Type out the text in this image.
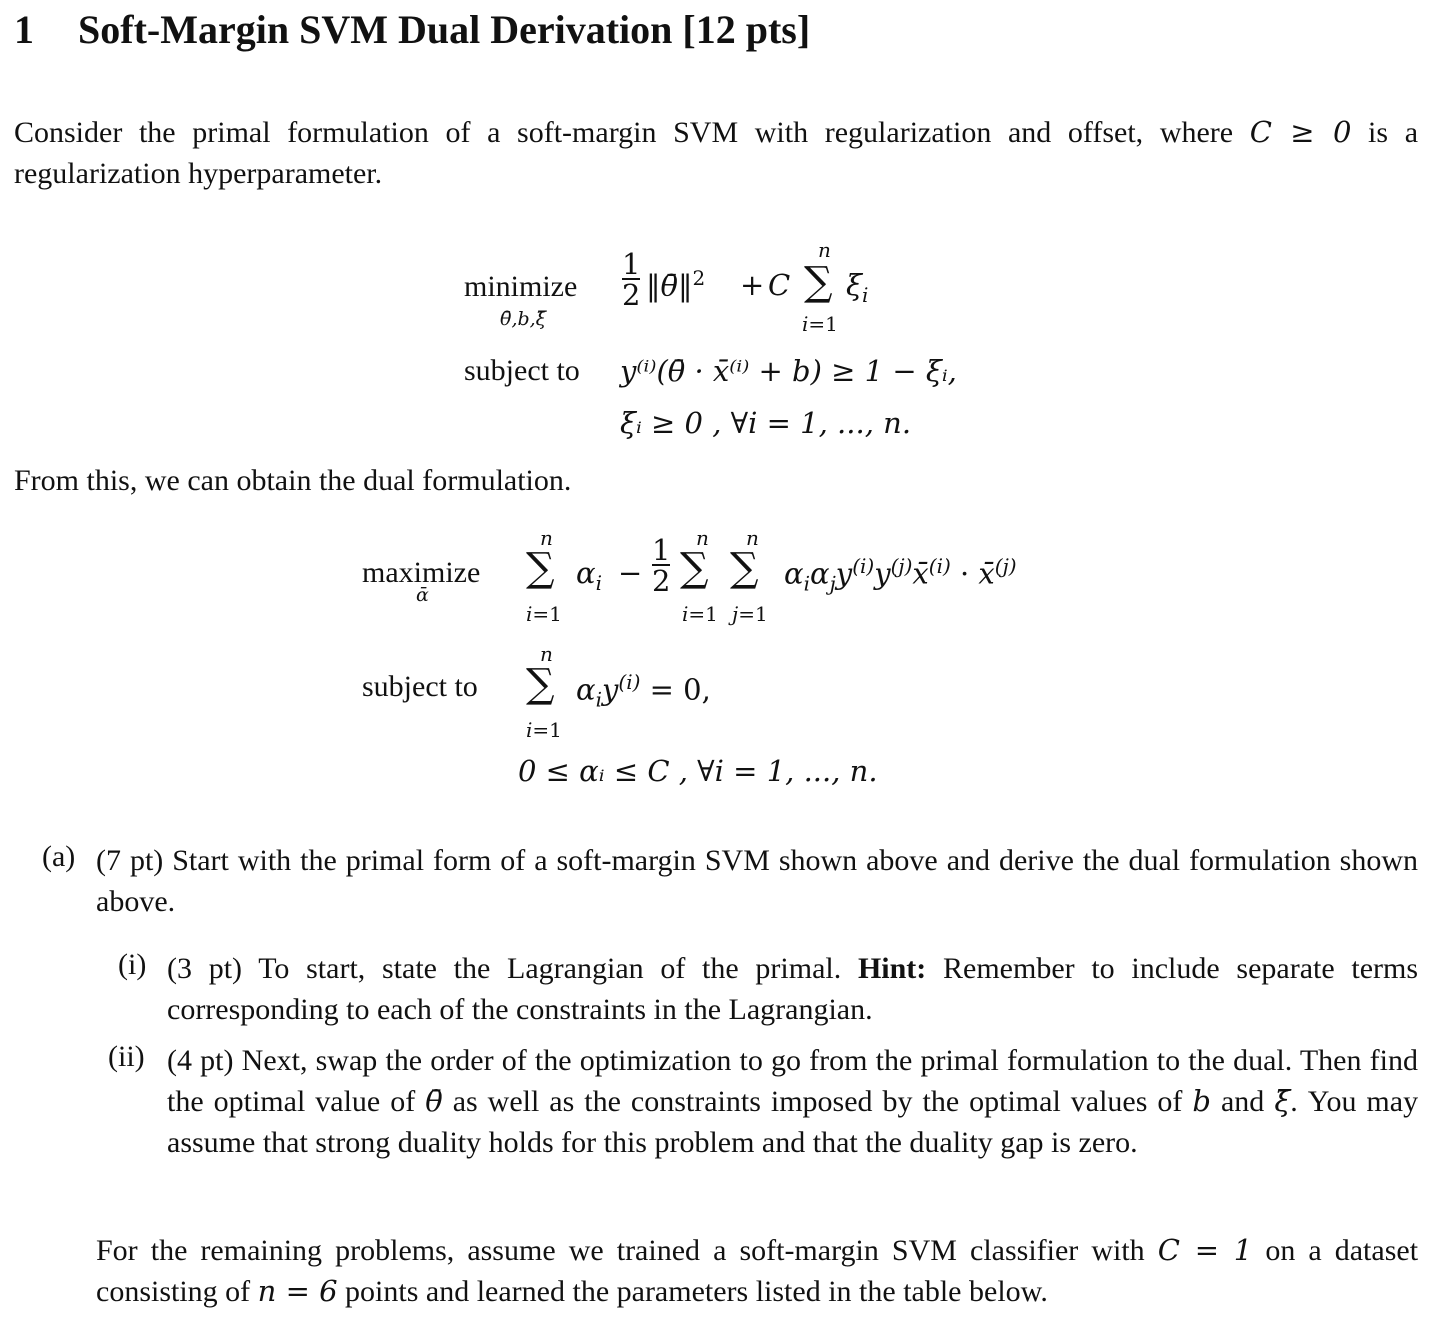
1 Soft-Margin SVM Dual Derivation [12 pts]
Consider the primal formulation of a soft-margin SVM with regularization and offset, where C ≥ 0 is a regularization hyperparameter.
minimize
θ̄,b,ξ̄
1
2 ‖θ̄‖$^2$ + C
n
∑
i=1
$\xi_i$
subject to y⁽ⁱ⁾(θ̄ · x̄⁽ⁱ⁾ + b) ≥ 1 − ξᵢ,
ξᵢ ≥ 0 , ∀i = 1, ..., n.
From this, we can obtain the dual formulation.
maximize
ᾱ
n
∑
i=1
$\alpha_i$ −
1
2
n
∑
i=1
n
∑
j=1
$\alpha_i\alpha_jy^{(i)}y^{(j)}x̄^{(i)}$ · x̄$^{(j)}$
subject to
n
∑
i=1
$\alpha_iy^{(i)} = 0$,
0 ≤ αᵢ ≤ C , ∀i = 1, ..., n.
(a) (7 pt) Start with the primal form of a soft-margin SVM shown above and derive the dual formulation shown above.
(i) (3 pt) To start, state the Lagrangian of the primal. Hint: Remember to include separate terms corresponding to each of the constraints in the Lagrangian.
(ii) (4 pt) Next, swap the order of the optimization to go from the primal formulation to the dual. Then find the optimal value of θ̄ as well as the constraints imposed by the optimal values of b and ξ̄. You may assume that strong duality holds for this problem and that the duality gap is zero.
For the remaining problems, assume we trained a soft-margin SVM classifier with C = 1 on a dataset consisting of n = 6 points and learned the parameters listed in the table below.
